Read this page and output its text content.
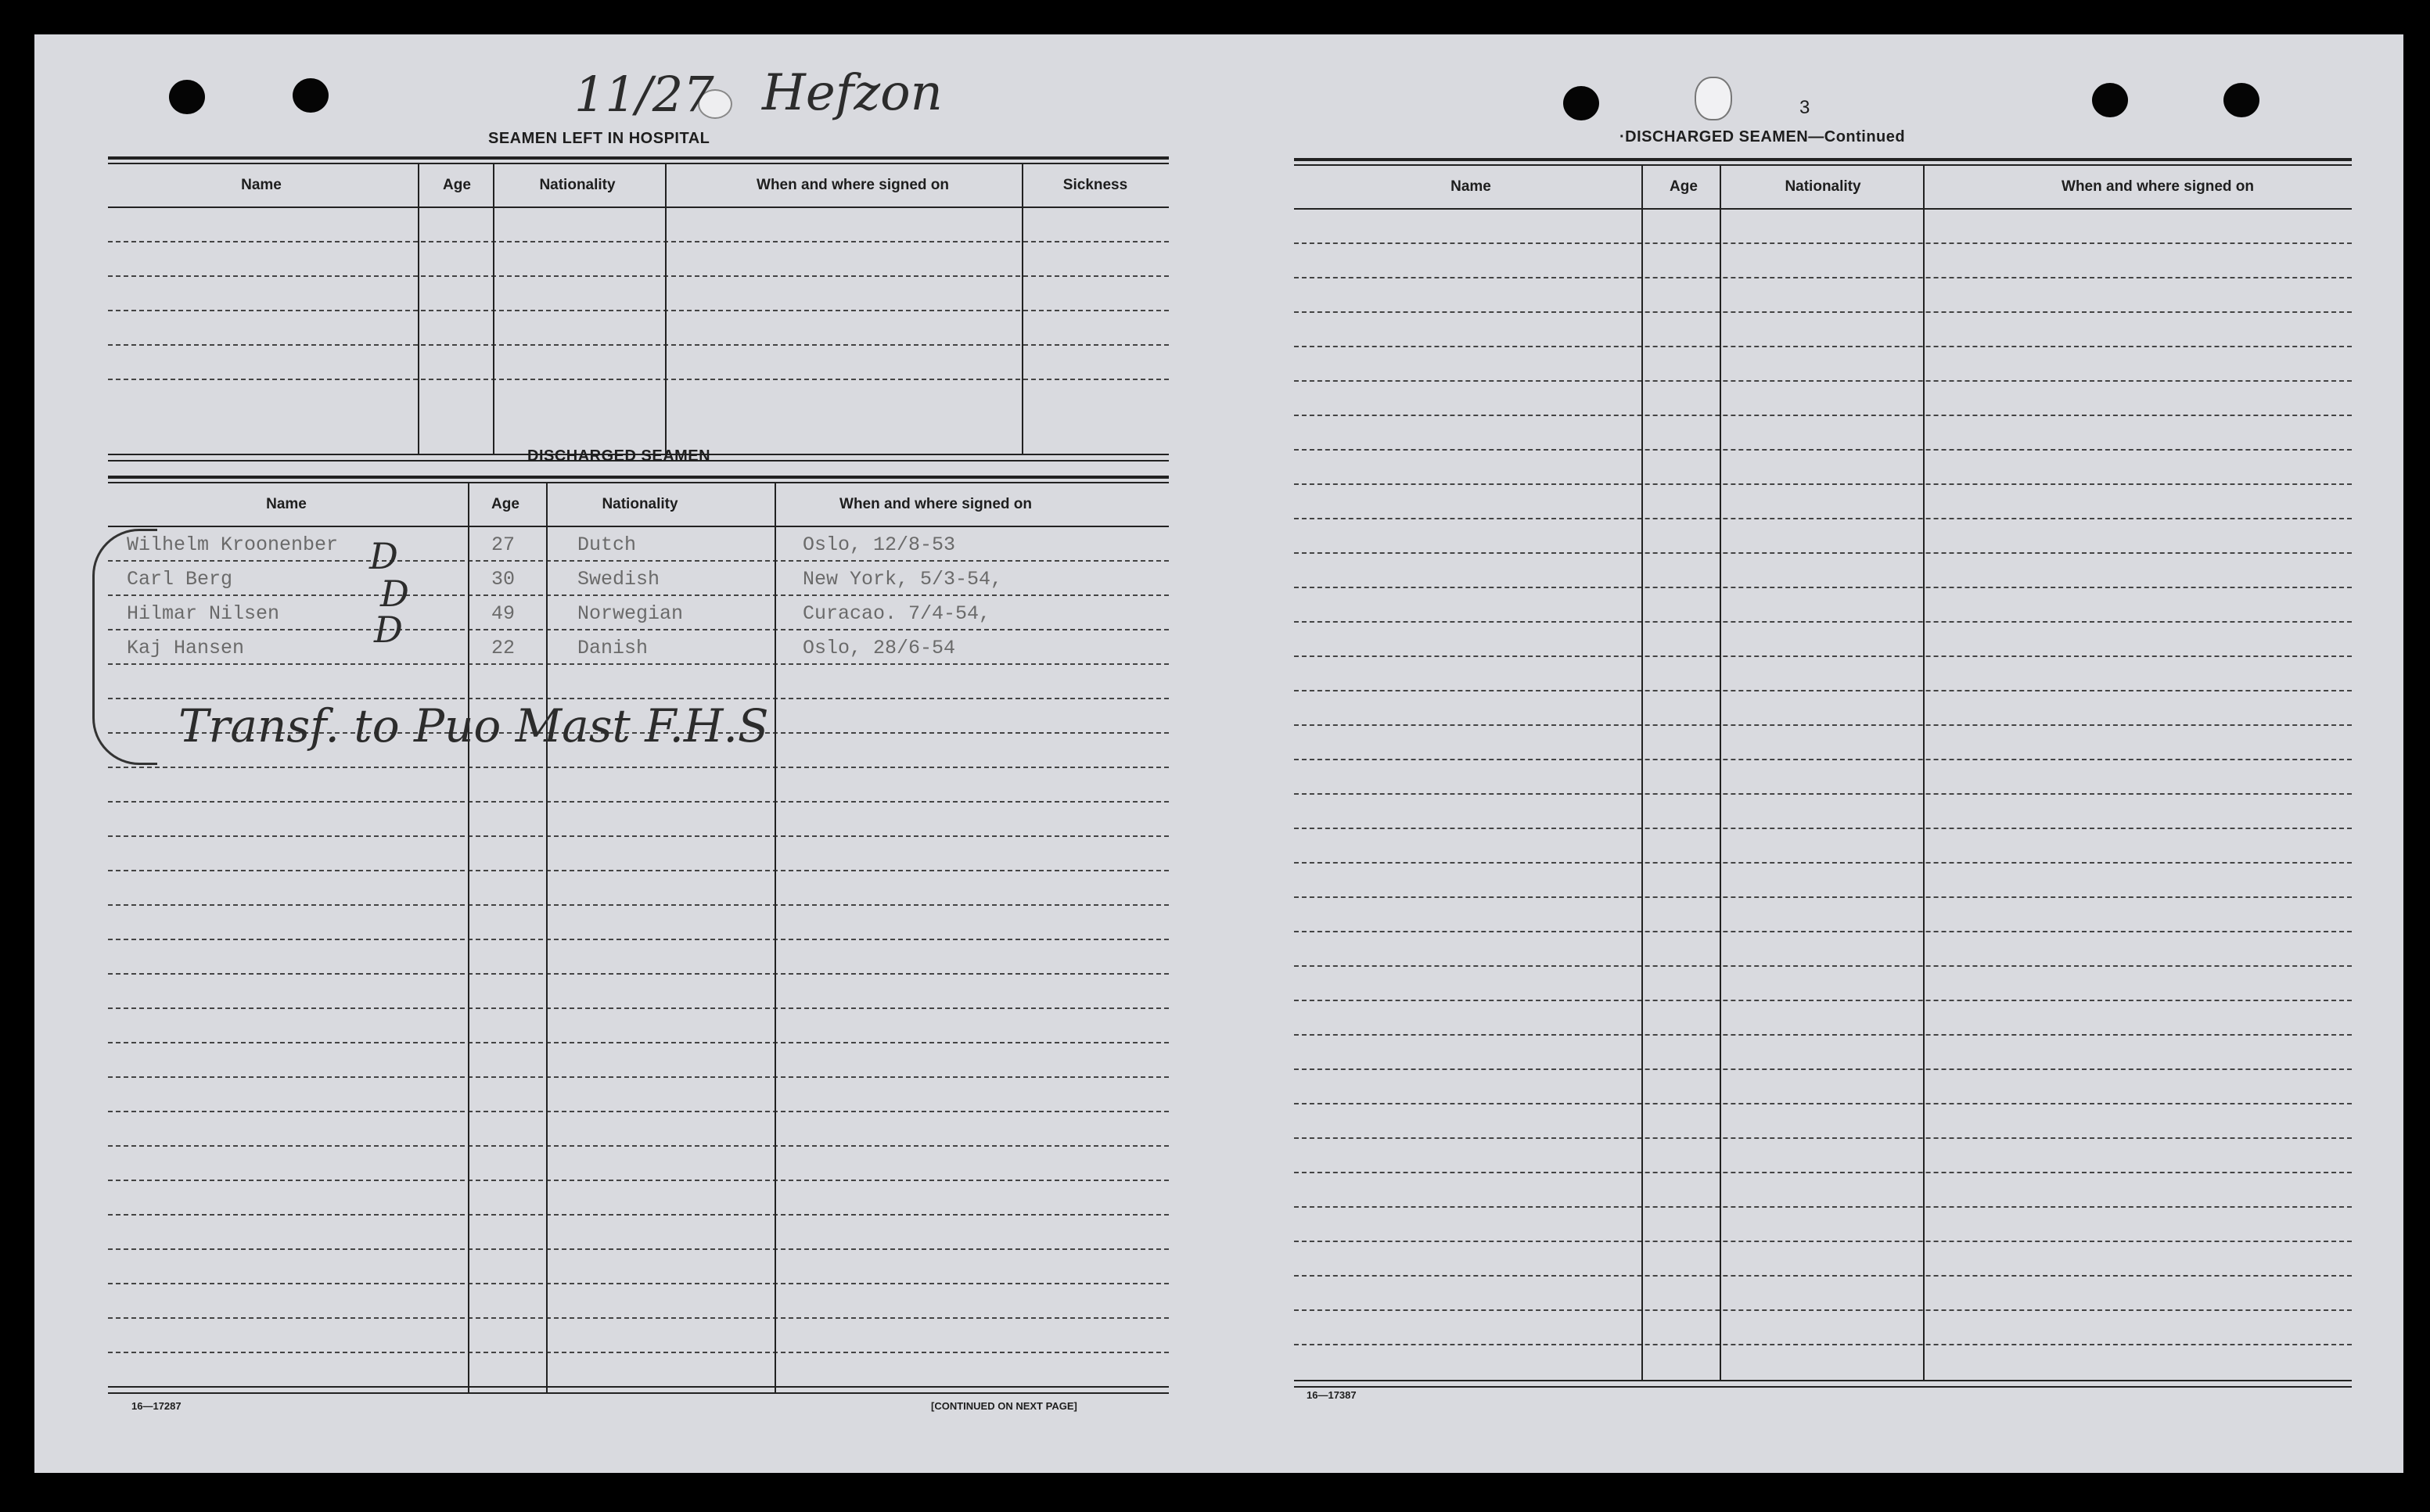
11/27 Hefzon
SEAMEN LEFT IN HOSPITAL
Name	Age	Nationality	When and where signed on	Sickness
DISCHARGED SEAMEN
Name	Age	Nationality	When and where signed on
Wilhelm Kroonenber	27	Dutch	Oslo, 12/8-53
Carl Berg	30	Swedish	New York, 5/3-54,
Hilmar Nilsen	49	Norwegian	Curacao. 7/4-54,
Kaj Hansen	22	Danish	Oslo, 28/6-54
D
D
D
Transf. to Puo Mast F.H.S
16—17287	[CONTINUED ON NEXT PAGE]
3
·DISCHARGED SEAMEN—Continued
Name	Age	Nationality	When and where signed on
16—17387
